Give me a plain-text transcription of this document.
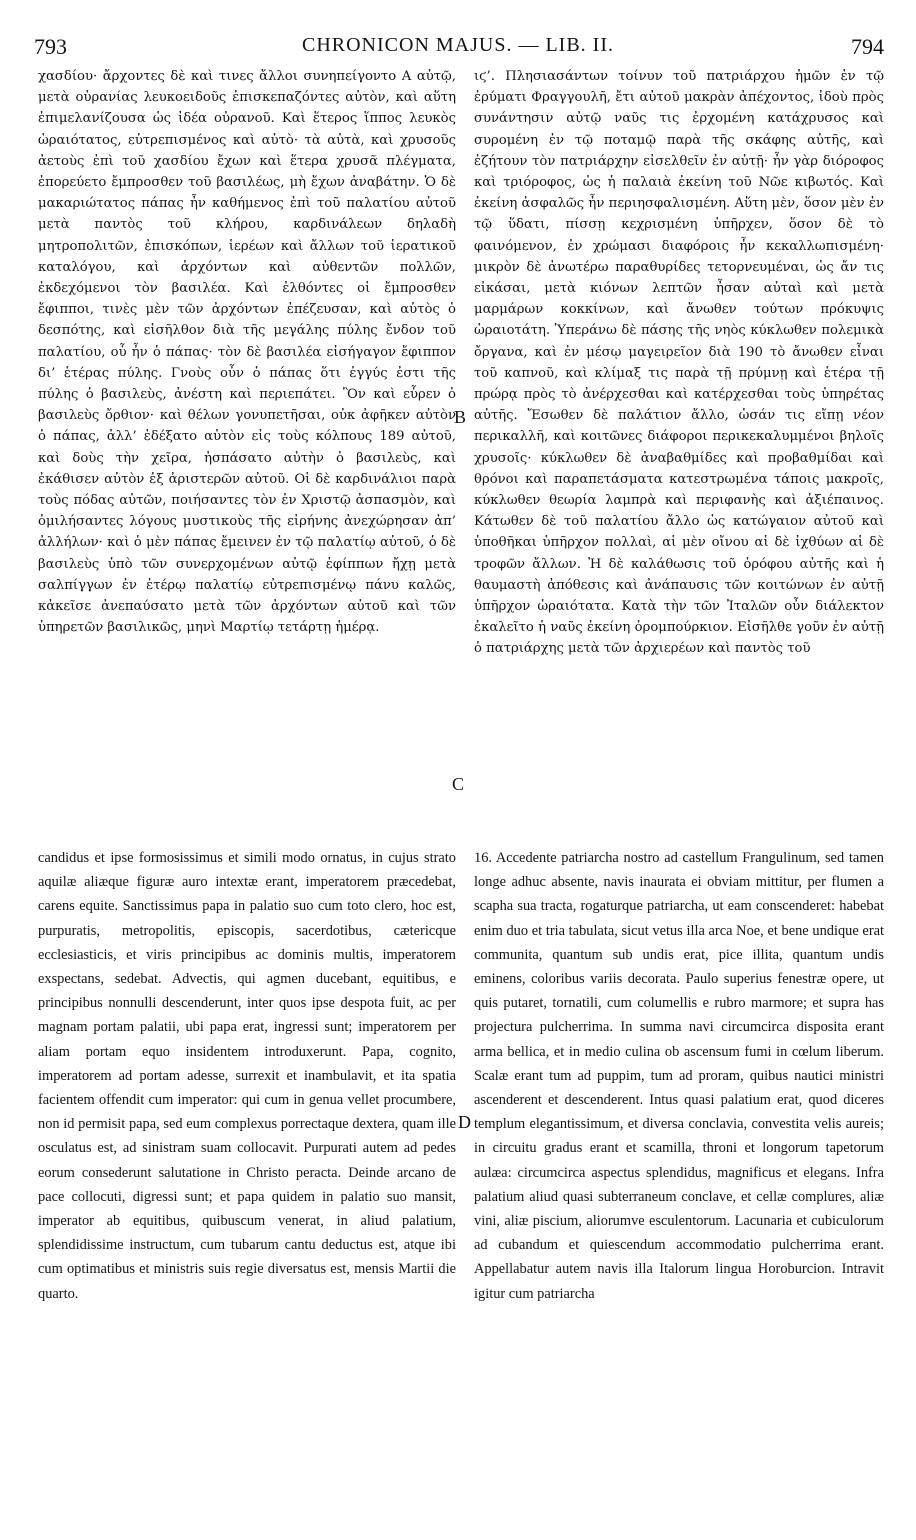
793	CHRONICON MAJUS. — LIB. II.	794
χασδίου· ἄρχοντες δὲ καὶ τινες ἄλλοι συνηπείγοντο Α αὐτῷ, μετὰ οὐρανίας λευκοειδοῦς ἐπισκεπαζόντες αὐτὸν, καὶ αὕτη ἐπιμελανίζουσα ὡς ἰδέα οὐρανοῦ. Καὶ ἕτερος ἵππος λευκὸς ὡραιότατος, εὐτρεπισμένος καὶ αὐτὸ· τὰ αὐτὰ, καὶ χρυσοῦς ἀετοὺς ἐπὶ τοῦ χασδίου ἔχων καὶ ἕτερα χρυσᾶ πλέγματα, ἐπορεύετο ἔμπροσθεν τοῦ βασιλέως, μὴ ἔχων ἀναβάτην. Ὁ δὲ μακαριώτατος πάπας ἦν καθήμενος ἐπὶ τοῦ παλατίου αὐτοῦ μετὰ παντὸς τοῦ κλήρου, καρδινάλεων δηλαδὴ μητροπολιτῶν, ἐπισκόπων, ἱερέων καὶ ἄλλων τοῦ ἱερατικοῦ καταλόγου, καὶ ἀρχόντων καὶ αὐθεντῶν πολλῶν, ἐκδεχόμενοι τὸν βασιλέα. Καὶ ἐλθόντες οἱ ἔμπροσθεν ἔφιπποι, τινὲς μὲν τῶν ἀρχόντων ἐπέζευσαν, καὶ αὐτὸς ὁ δεσπότης, καὶ εἰσῆλθον διὰ τῆς μεγάλης πύλης ἔνδον τοῦ παλατίου, οὗ ἦν ὁ πάπας· τὸν δὲ βασιλέα εἰσήγαγον ἔφιππον δι’ ἑτέρας πύλης. Γνοὺς οὖν ὁ πάπας ὅτι ἐγγύς ἐστι τῆς πύλης ὁ βασιλεὺς, ἀνέστη καὶ περιεπάτει. Ὃν καὶ εὗρεν ὁ βασιλεὺς ὄρθιον· καὶ θέλων γονυπετῆσαι, οὐκ ἀφῆκεν αὐτὸν ὁ πάπας, ἀλλ’ ἐδέξατο αὐτὸν εἰς τοὺς κόλπους 189 αὐτοῦ, καὶ δοὺς τὴν χεῖρα, ἠσπάσατο αὐτὴν ὁ βασιλεὺς, καὶ ἐκάθισεν αὐτὸν ἐξ ἀριστερῶν αὐτοῦ. Οἱ δὲ καρδινάλιοι παρὰ τοὺς πόδας αὐτῶν, ποιήσαντες τὸν ἐν Χριστῷ ἀσπασμὸν, καὶ ὁμιλήσαντες λόγους μυστικοὺς τῆς εἰρήνης ἀνεχώρησαν ἀπ’ ἀλλήλων· καὶ ὁ μὲν πάπας ἔμεινεν ἐν τῷ παλατίῳ αὐτοῦ, ὁ δὲ βασιλεὺς ὑπὸ τῶν συνερχομένων αὐτῷ ἐφίππων ἤχῃ μετὰ σαλπίγγων ἐν ἑτέρῳ παλατίῳ εὐτρεπισμένῳ πάνυ καλῶς, κἀκεῖσε ἀνεπαύσατο μετὰ τῶν ἀρχόντων αὐτοῦ καὶ τῶν ὑπηρετῶν βασιλικῶς, μηνὶ Μαρτίῳ τετάρτῃ ἡμέρᾳ.
ιϛ’. Πλησιασάντων τοίνυν τοῦ πατριάρχου ἡμῶν ἐν τῷ ἐρύματι Φραγγουλῆ, ἔτι αὐτοῦ μακρὰν ἀπέχοντος, ἰδοὺ πρὸς συνάντησιν αὐτῷ ναῦς τις ἐρχομένη κατάχρυσος καὶ συρομένη ἐν τῷ ποταμῷ παρὰ τῆς σκάφης αὐτῆς, καὶ ἐζήτουν τὸν πατριάρχην εἰσελθεῖν ἐν αὐτῇ· ἦν γὰρ διόροφος καὶ τριόροφος, ὡς ἡ παλαιὰ ἐκείνη τοῦ Νῶε κιβωτός. Καὶ ἐκείνη ἀσφαλῶς ἦν περιησφαλισμένη. Αὕτη μὲν, ὅσον μὲν ἐν τῷ ὕδατι, πίσσῃ κεχρισμένη ὑπῆρχεν, ὅσον δὲ τὸ φαινόμενον, ἐν χρώμασι διαφόροις ἦν κεκαλλωπισμένη· μικρὸν δὲ ἀνωτέρω παραθυρίδες τετορνευμέναι, ὡς ἄν τις εἰκάσαι, μετὰ κιόνων λεπτῶν ἦσαν αὐταὶ καὶ μετὰ μαρμάρων κοκκίνων, καὶ ἄνωθεν τούτων πρόκυψις ὡραιοτάτη. Ὑπεράνω δὲ πάσης τῆς νηὸς κύκλωθεν πολεμικὰ ὄργανα, καὶ ἐν μέσῳ μαγειρεῖον διὰ 190 τὸ ἄνωθεν εἶναι τοῦ καπνοῦ, καὶ κλίμαξ τις παρὰ τῇ πρύμνῃ καὶ ἑτέρα τῇ πρώρᾳ πρὸς τὸ ἀνέρχεσθαι καὶ κατέρχεσθαι τοὺς ὑπηρέτας αὐτῆς. Ἔσωθεν δὲ παλάτιον ἄλλο, ὡσάν τις εἴπῃ νέον περικαλλῆ, καὶ κοιτῶνες διάφοροι περικεκαλυμμένοι βηλοῖς χρυσοῖς· κύκλωθεν δὲ ἀναβαθμίδες καὶ προβαθμίδαι καὶ θρόνοι καὶ παραπετάσματα κατεστρωμένα τάποις μακροῖς, κύκλωθεν θεωρία λαμπρὰ καὶ περιφανὴς καὶ ἀξιέπαινος. Κάτωθεν δὲ τοῦ παλατίου ἄλλο ὡς κατώγαιον αὐτοῦ καὶ ὑποθῆκαι ὑπῆρχον πολλαὶ, αἱ μὲν οἴνου αἱ δὲ ἰχθύων αἱ δὲ τροφῶν ἄλλων. Ἡ δὲ καλάθωσις τοῦ ὀρόφου αὐτῆς καὶ ἡ θαυμαστὴ ἀπόθεσις καὶ ἀνάπαυσις τῶν κοιτώνων ἐν αὐτῇ ὑπῆρχον ὡραιότατα. Κατὰ τὴν τῶν Ἰταλῶν οὖν διάλεκτον ἐκαλεῖτο ἡ ναῦς ἐκείνη ὀρομπούρκιον. Εἰσῆλθε γοῦν ἐν αὐτῇ ὁ πατριάρχης μετὰ τῶν ἀρχιερέων καὶ παντὸς τοῦ
B
C
D
candidus et ipse formosissimus et simili modo ornatus, in cujus strato aquilæ aliæque figuræ auro intextæ erant, imperatorem præcedebat, carens equite. Sanctissimus papa in palatio suo cum toto clero, hoc est, purpuratis, metropolitis, episcopis, sacerdotibus, cætericque ecclesiasticis, et viris principibus ac dominis multis, imperatorem exspectans, sedebat. Advectis, qui agmen ducebant, equitibus, e principibus nonnulli descenderunt, inter quos ipse despota fuit, ac per magnam portam palatii, ubi papa erat, ingressi sunt; imperatorem per aliam portam equo insidentem introduxerunt. Papa, cognito, imperatorem ad portam adesse, surrexit et inambulavit, et ita spatia facientem offendit cum imperator: qui cum in genua vellet procumbere, non id permisit papa, sed eum complexus porrectaque dextera, quam ille osculatus est, ad sinistram suam collocavit. Purpurati autem ad pedes eorum consederunt salutatione in Christo peracta. Deinde arcano de pace collocuti, digressi sunt; et papa quidem in palatio suo mansit, imperator ab equitibus, quibuscum venerat, in aliud palatium, splendidissime instructum, cum tubarum cantu deductus est, atque ibi cum optimatibus et ministris suis regie diversatus est, mensis Martii die quarto.
16. Accedente patriarcha nostro ad castellum Frangulinum, sed tamen longe adhuc absente, navis inaurata ei obviam mittitur, per flumen a scapha sua tracta, rogaturque patriarcha, ut eam conscenderet: habebat enim duo et tria tabulata, sicut vetus illa arca Noe, et bene undique erat communita, quantum sub undis erat, pice illita, quantum undis eminens, coloribus variis decorata. Paulo superius fenestræ opere, ut quis putaret, tornatili, cum columellis e rubro marmore; et supra has projectura pulcherrima. In summa navi circumcirca disposita erant arma bellica, et in medio culina ob ascensum fumi in cœlum liberum. Scalæ erant tum ad puppim, tum ad proram, quibus nautici ministri ascenderent et descenderent. Intus quasi palatium erat, quod diceres templum elegantissimum, et diversa conclavia, convestita velis aureis; in circuitu gradus erant et scamilla, throni et longorum tapetorum aulæa: circumcirca aspectus splendidus, magnificus et elegans. Infra palatium aliud quasi subterraneum conclave, et cellæ complures, aliæ vini, aliæ piscium, aliorumve esculentorum. Lacunaria et cubiculorum ad cubandum et quiescendum accommodatio pulcherrima erant. Appellabatur autem navis illa Italorum lingua Horoburcion. Intravit igitur cum patriarcha
